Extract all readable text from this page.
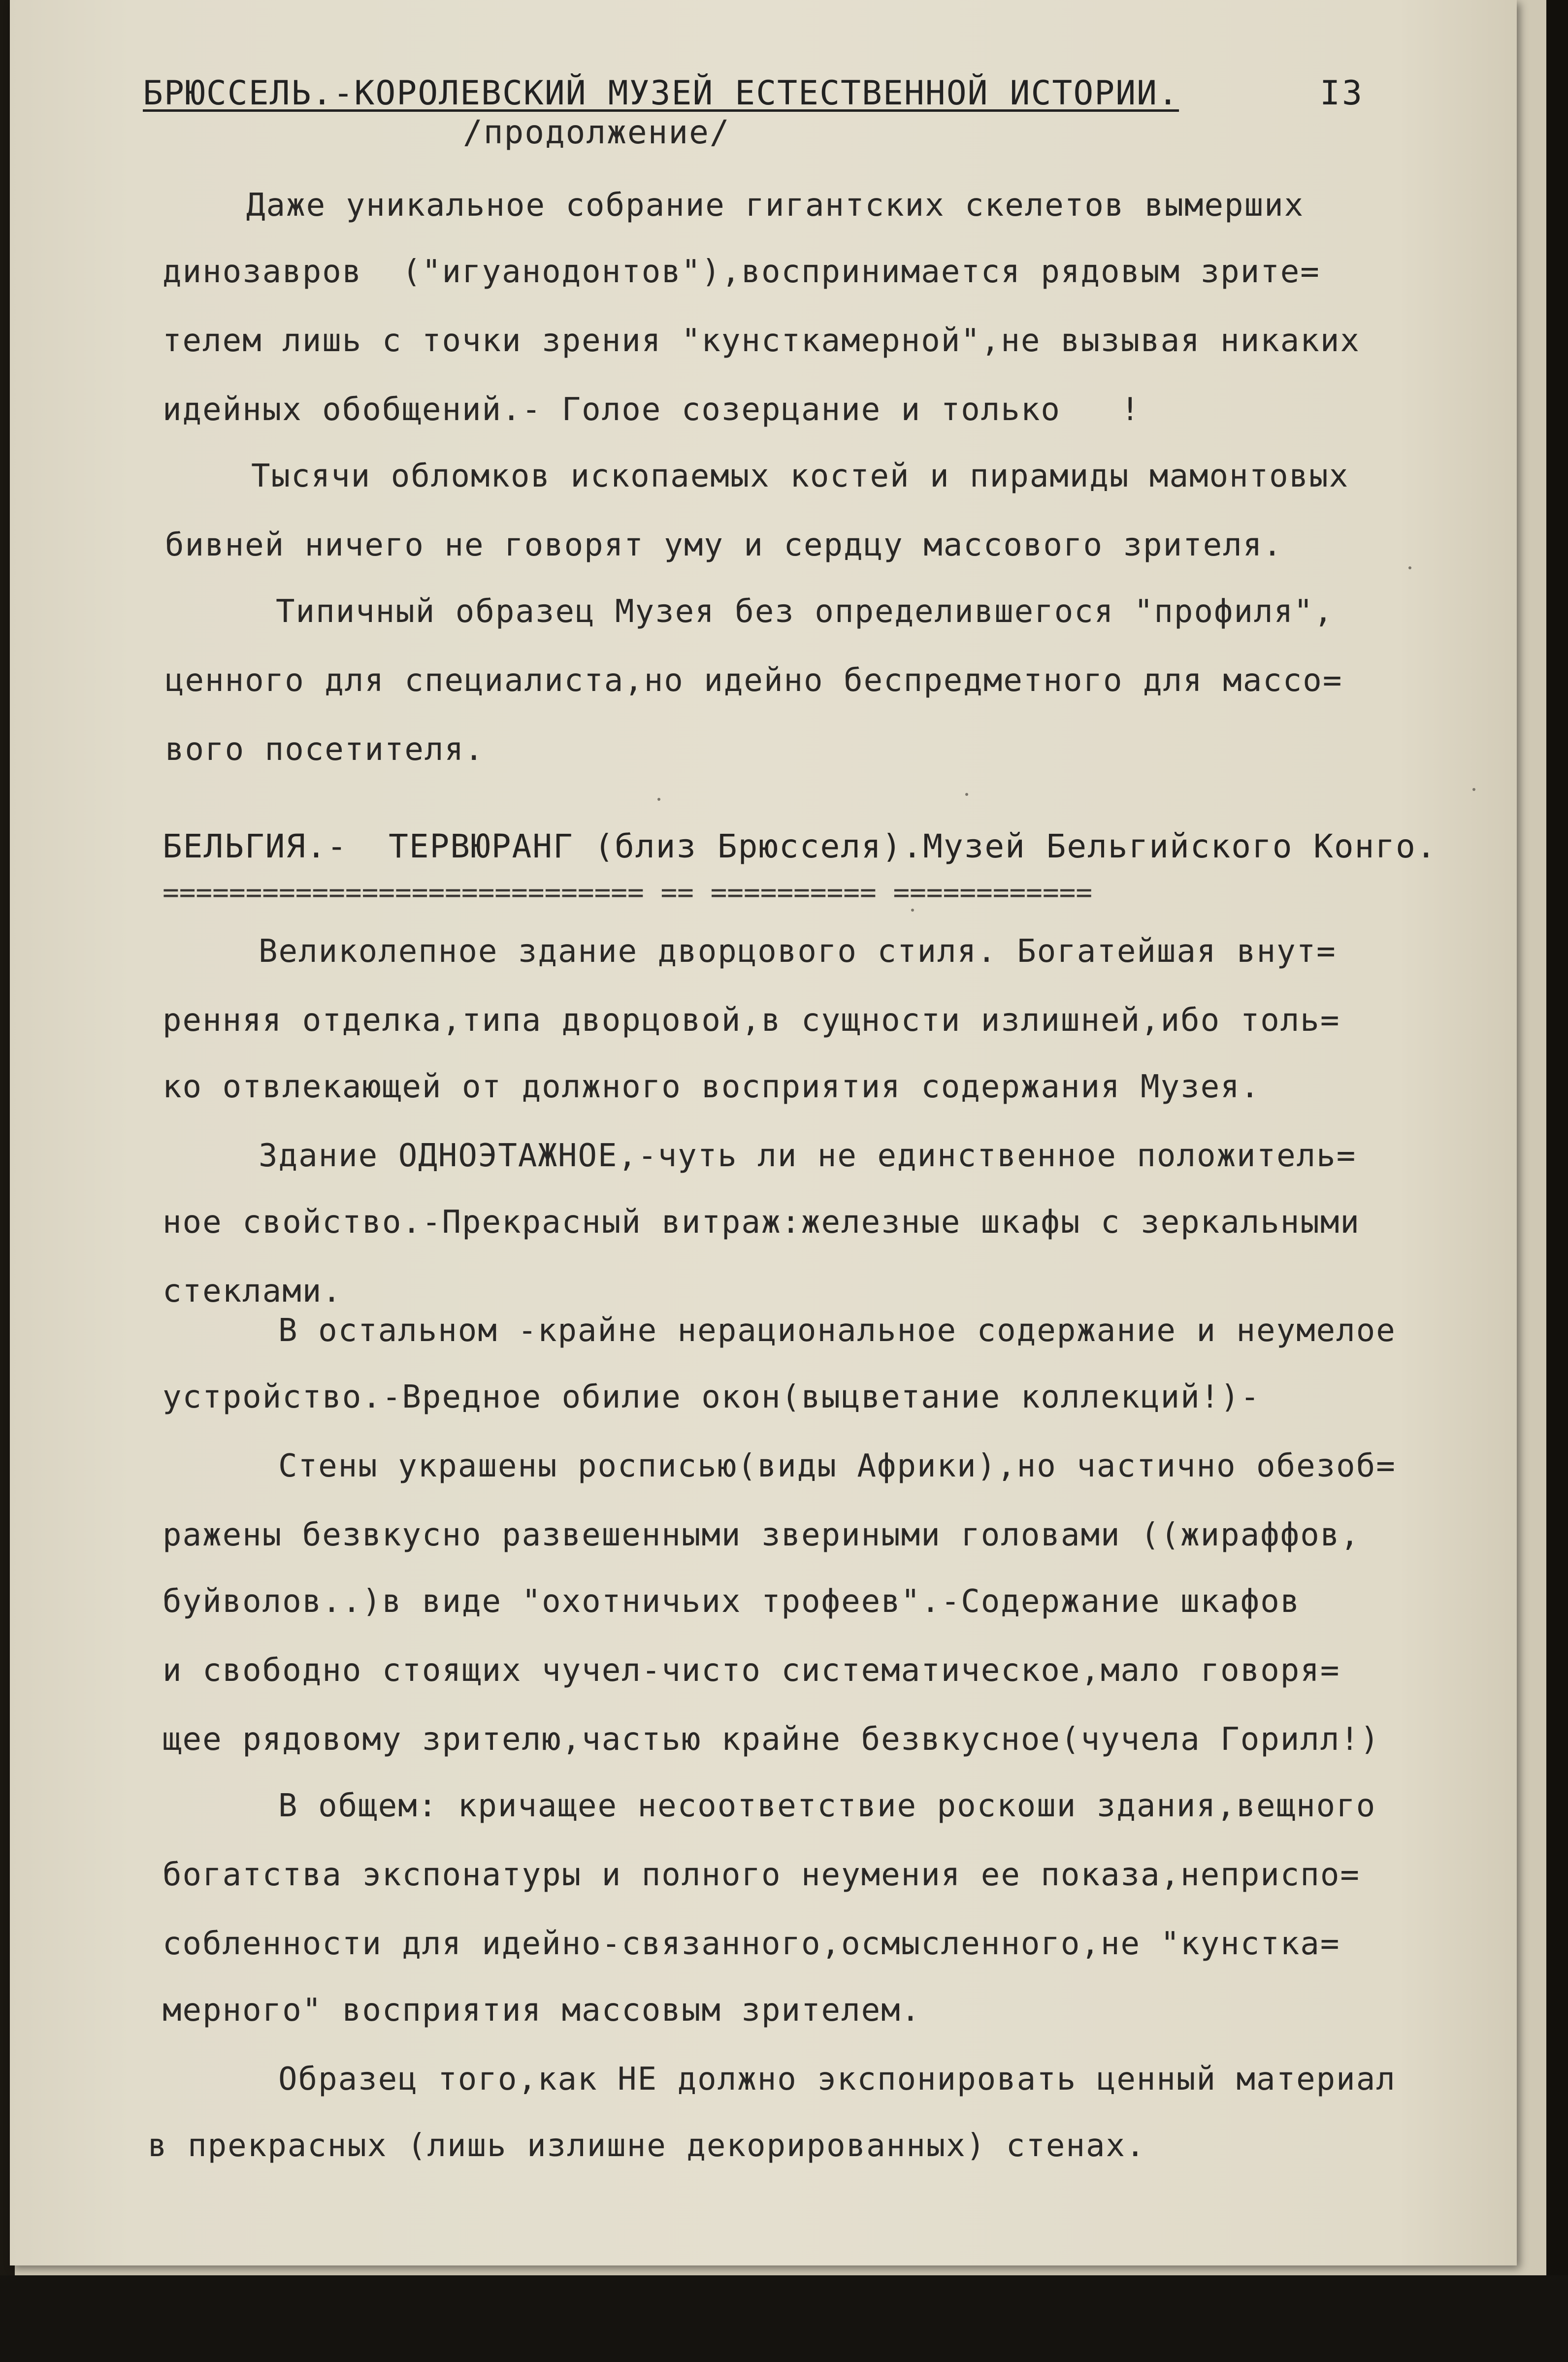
БРЮССЕЛЬ.-КОРОЛЕВСКИЙ МУЗЕЙ ЕСТЕСТВЕННОЙ ИСТОРИИ.	I3
/продолжение/
Даже уникальное собрание гигантских скелетов вымерших
динозавров  ("игуанодонтов"),воспринимается рядовым зрите=
телем лишь с точки зрения "кунсткамерной",не вызывая никаких
идейных обобщений.- Голое созерцание и только   !
Тысячи обломков ископаемых костей и пирамиды мамонтовых
бивней ничего не говорят уму и сердцу массового зрителя.
Типичный образец Музея без определившегося "профиля",
ценного для специалиста,но идейно беспредметного для массо=
вого посетителя.
БЕЛЬГИЯ.-  ТЕРВЮРАНГ (близ Брюсселя).Музей Бельгийского Конго.
============================= == ========== ============
Великолепное здание дворцового стиля. Богатейшая внут=
ренняя отделка,типа дворцовой,в сущности излишней,ибо толь=
ко отвлекающей от должного восприятия содержания Музея.
Здание ОДНОЭТАЖНОЕ,-чуть ли не единственное положитель=
ное свойство.-Прекрасный витраж:железные шкафы с зеркальными
стеклами.
В остальном -крайне нерациональное содержание и неумелое
устройство.-Вредное обилие окон(выцветание коллекций!)-
Стены украшены росписью(виды Африки),но частично обезоб=
ражены безвкусно развешенными звериными головами ((жираффов,
буйволов..)в виде "охотничьих трофеев".-Содержание шкафов
и свободно стоящих чучел-чисто систематическое,мало говоря=
щее рядовому зрителю,частью крайне безвкусное(чучела Горилл!)
В общем: кричащее несоответствие роскоши здания,вещного
богатства экспонатуры и полного неумения ее показа,неприспо=
собленности для идейно-связанного,осмысленного,не "кунстка=
мерного" восприятия массовым зрителем.
Образец того,как НЕ должно экспонировать ценный материал
в прекрасных (лишь излишне декорированных) стенах.
